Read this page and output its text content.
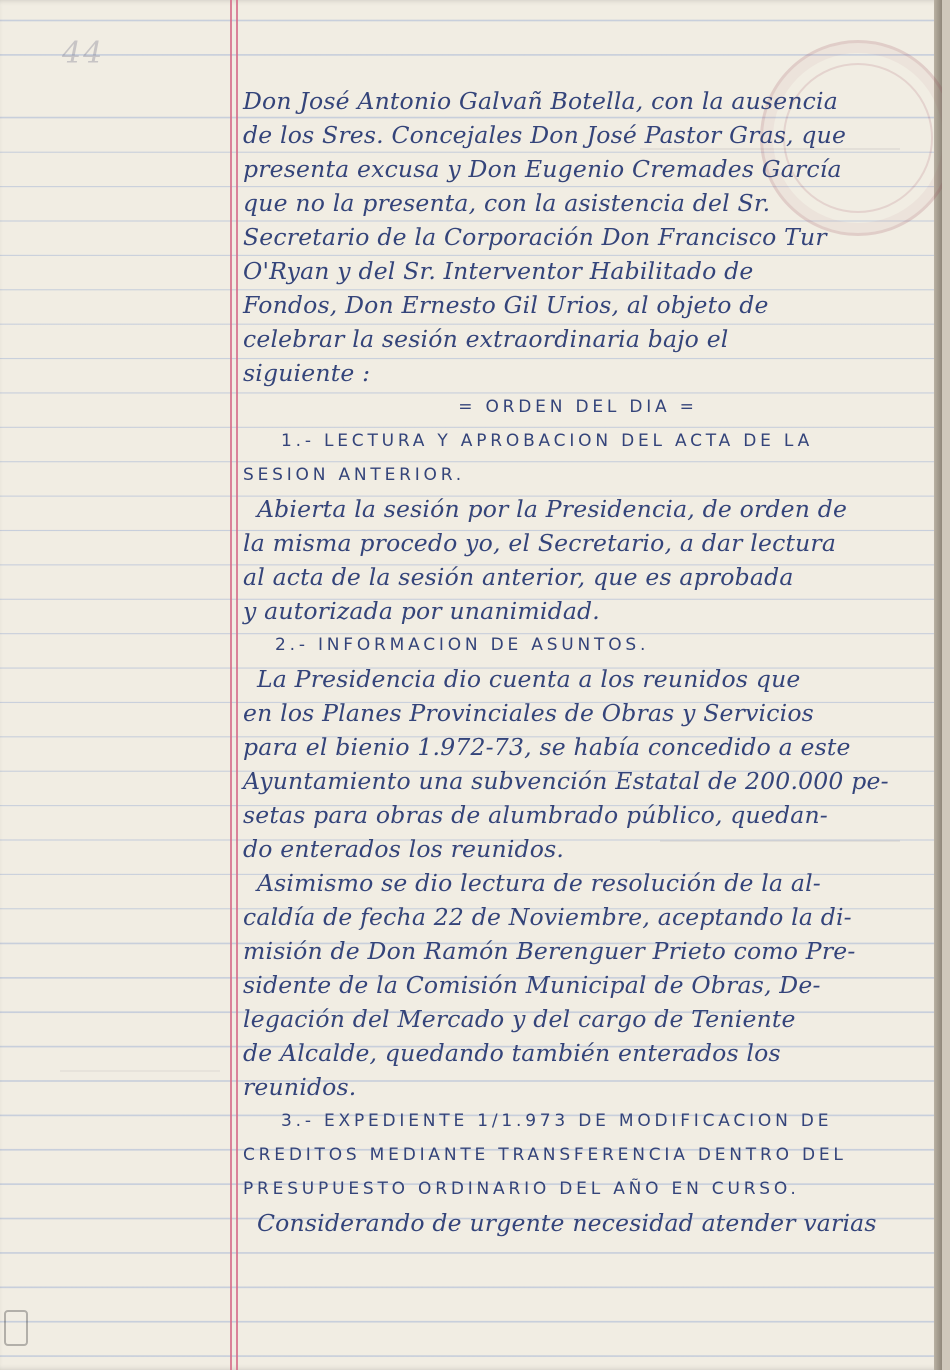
44
Don José Antonio Galvañ Botella, con la ausencia
de los Sres. Concejales Don José Pastor Gras, que
presenta excusa y Don Eugenio Cremades García
que no la presenta, con la asistencia del Sr.
Secretario de la Corporación Don Francisco Tur
O'Ryan y del Sr. Interventor Habilitado de
Fondos, Don Ernesto Gil Urios, al objeto de
celebrar la sesión extraordinaria bajo el
siguiente :
= ORDEN DEL DIA =
1.- LECTURA Y APROBACION DEL ACTA DE LA
SESION ANTERIOR.
Abierta la sesión por la Presidencia, de orden de
la misma procedo yo, el Secretario, a dar lectura
al acta de la sesión anterior, que es aprobada
y autorizada por unanimidad.
2.- INFORMACION DE ASUNTOS.
La Presidencia dio cuenta a los reunidos que
en los Planes Provinciales de Obras y Servicios
para el bienio 1.972-73, se había concedido a este
Ayuntamiento una subvención Estatal de 200.000 pe-
setas para obras de alumbrado público, quedan-
do enterados los reunidos.
Asimismo se dio lectura de resolución de la al-
caldía de fecha 22 de Noviembre, aceptando la di-
misión de Don Ramón Berenguer Prieto como Pre-
sidente de la Comisión Municipal de Obras, De-
legación del Mercado y del cargo de Teniente
de Alcalde, quedando también enterados los
reunidos.
3.- EXPEDIENTE 1/1.973 DE MODIFICACION DE
CREDITOS MEDIANTE TRANSFERENCIA DENTRO DEL
PRESUPUESTO ORDINARIO DEL AÑO EN CURSO.
Considerando de urgente necesidad atender varias
